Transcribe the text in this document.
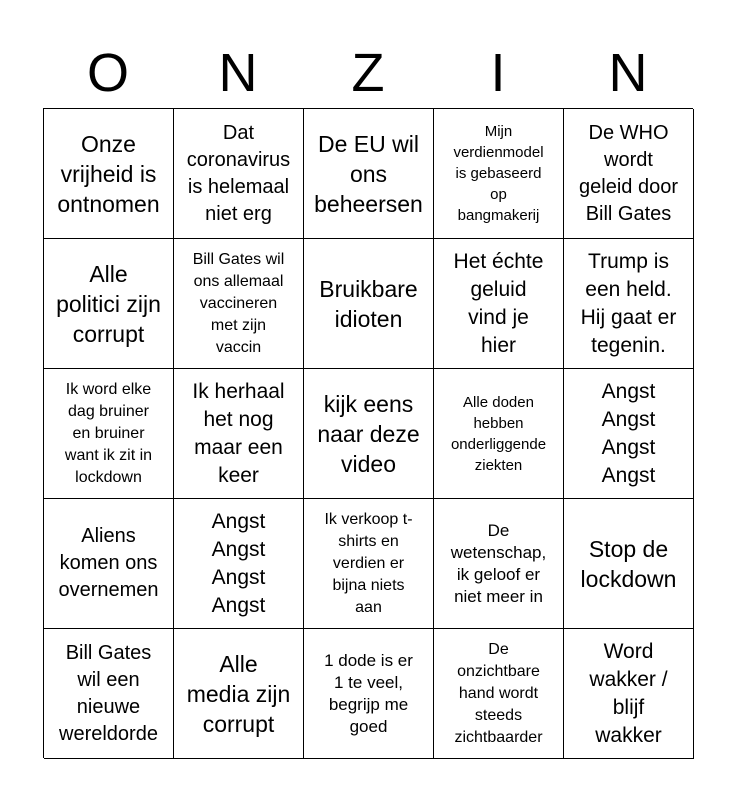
O	N	Z	I	N
Onze
vrijheid is
ontnomen
Dat
coronavirus
is helemaal
niet erg
De EU wil
ons
beheersen
Mijn
verdienmodel
is gebaseerd
op
bangmakerij
De WHO
wordt
geleid door
Bill Gates
Alle
politici zijn
corrupt
Bill Gates wil
ons allemaal
vaccineren
met zijn
vaccin
Bruikbare
idioten
Het échte
geluid
vind je
hier
Trump is
een held.
Hij gaat er
tegenin.
Ik word elke
dag bruiner
en bruiner
want ik zit in
lockdown
Ik herhaal
het nog
maar een
keer
kijk eens
naar deze
video
Alle doden
hebben
onderliggende
ziekten
Angst
Angst
Angst
Angst
Aliens
komen ons
overnemen
Angst
Angst
Angst
Angst
Ik verkoop t-
shirts en
verdien er
bijna niets
aan
De
wetenschap,
ik geloof er
niet meer in
Stop de
lockdown
Bill Gates
wil een
nieuwe
wereldorde
Alle
media zijn
corrupt
1 dode is er
1 te veel,
begrijp me
goed
De
onzichtbare
hand wordt
steeds
zichtbaarder
Word
wakker /
blijf
wakker
